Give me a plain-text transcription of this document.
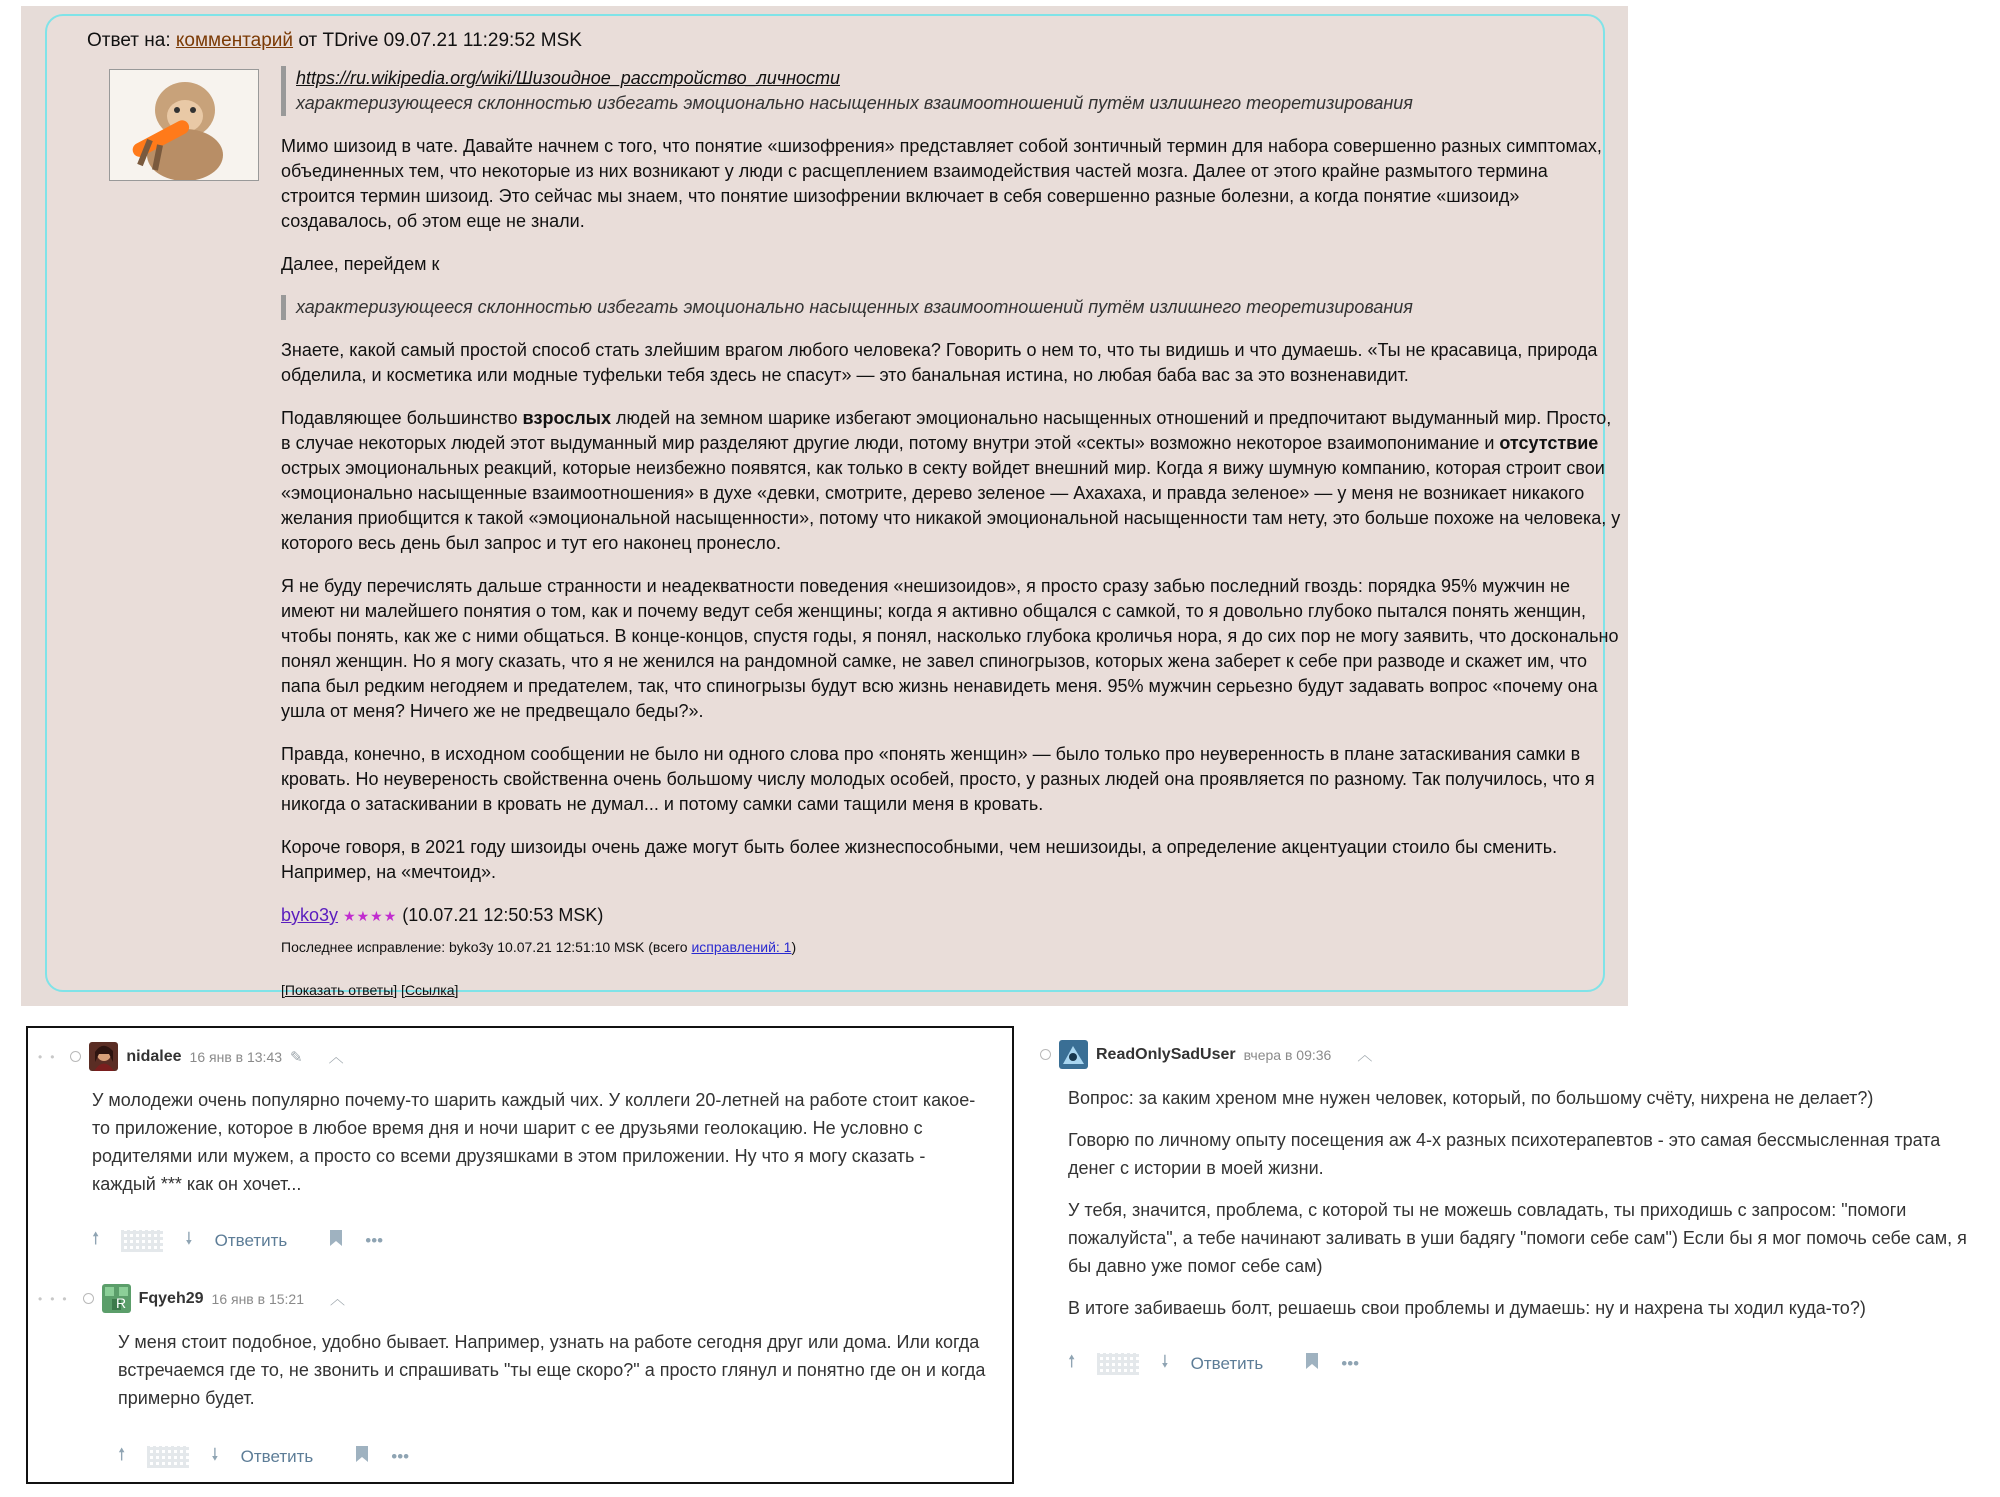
Ответ на: комментарий от TDrive 09.07.21 11:29:52 MSK
https://ru.wikipedia.org/wiki/Шизоидное_расстройство_личности
характеризующееся склонностью избегать эмоционально насыщенных взаимоотношений путём излишнего теоретизирования

Мимо шизоид в чате. Давайте начнем с того, что понятие «шизофрения» представляет собой зонтичный термин для набора совершенно разных симптомах, объединенных тем, что некоторые из них возникают у люди с расщеплением взаимодействия частей мозга. Далее от этого крайне размытого термина строится термин шизоид. Это сейчас мы знаем, что понятие шизофрении включает в себя совершенно разные болезни, а когда понятие «шизоид» создавалось, об этом еще не знали.

Далее, перейдем к

характеризующееся склонностью избегать эмоционально насыщенных взаимоотношений путём излишнего теоретизирования

Знаете, какой самый простой способ стать злейшим врагом любого человека? Говорить о нем то, что ты видишь и что думаешь. «Ты не красавица, природа обделила, и косметика или модные туфельки тебя здесь не спасут» — это банальная истина, но любая баба вас за это возненавидит.

Подавляющее большинство взрослых людей на земном шарике избегают эмоционально насыщенных отношений и предпочитают выдуманный мир. Просто, в случае некоторых людей этот выдуманный мир разделяют другие люди, потому внутри этой «секты» возможно некоторое взаимопонимание и отсутствие острых эмоциональных реакций, которые неизбежно появятся, как только в секту войдет внешний мир. Когда я вижу шумную компанию, которая строит свои «эмоционально насыщенные взаимоотношения» в духе «девки, смотрите, дерево зеленое — Ахахаха, и правда зеленое» — у меня не возникает никакого желания приобщится к такой «эмоциональной насыщенности», потому что никакой эмоциональной насыщенности там нету, это больше похоже на человека, у которого весь день был запрос и тут его наконец пронесло.

Я не буду перечислять дальше странности и неадекватности поведения «нешизоидов», я просто сразу забью последний гвоздь: порядка 95% мужчин не имеют ни малейшего понятия о том, как и почему ведут себя женщины; когда я активно общался с самкой, то я довольно глубоко пытался понять женщин, чтобы понять, как же с ними общаться. В конце-концов, спустя годы, я понял, насколько глубока кроличья нора, я до сих пор не могу заявить, что досконально понял женщин. Но я могу сказать, что я не женился на рандомной самке, не завел спиногрызов, которых жена заберет к себе при разводе и скажет им, что папа был редким негодяем и предателем, так, что спиногрызы будут всю жизнь ненавидеть меня. 95% мужчин серьезно будут задавать вопрос «почему она ушла от меня? Ничего же не предвещало беды?».

Правда, конечно, в исходном сообщении не было ни одного слова про «понять женщин» — было только про неуверенность в плане затаскивания самки в кровать. Но неувереность свойственна очень большому числу молодых особей, просто, у разных людей она проявляется по разному. Так получилось, что я никогда о затаскивании в кровать не думал... и потому самки сами тащили меня в кровать.

Короче говоря, в 2021 году шизоиды очень даже могут быть более жизнеспособными, чем нешизоиды, а определение акцентуации стоило бы сменить. Например, на «мечтоид».

byko3y ★★★★ (10.07.21 12:50:53 MSK)
Последнее исправление: byko3y 10.07.21 12:51:10 MSK (всего исправлений: 1)
[Показать ответы] [Ссылка]
••	nidalee 16 янв в 13:43 ✎ ︿
У молодежи очень популярно почему-то шарить каждый чих. У коллеги 20-летней на работе стоит какое-то приложение, которое в любое время дня и ночи шарит с ее друзьями геолокацию. Не условно с родителями или мужем, а просто со всеми друзяшками в этом приложении. Ну что я могу сказать - каждый *** как он хочет...
🠕	🠗 Ответить	•••
•••	R Fqyeh29 16 янв в 15:21 ︿
У меня стоит подобное, удобно бывает. Например, узнать на работе сегодня друг или дома. Или когда встречаемся где то, не звонить и спрашивать "ты еще скоро?" а просто глянул и понятно где он и когда примерно будет.
🠕	🠗 Ответить	•••
ReadOnlySadUser вчера в 09:36 ︿
Вопрос: за каким хреном мне нужен человек, который, по большому счёту, нихрена не делает?)
Говорю по личному опыту посещения аж 4-х разных психотерапевтов - это самая бессмысленная трата денег с истории в моей жизни.
У тебя, значится, проблема, с которой ты не можешь совладать, ты приходишь с запросом: "помоги пожалуйста", а тебе начинают заливать в уши бадягу "помоги себе сам") Если бы я мог помочь себе сам, я бы давно уже помог себе сам)
В итоге забиваешь болт, решаешь свои проблемы и думаешь: ну и нахрена ты ходил куда-то?)
🠕	🠗 Ответить	•••
